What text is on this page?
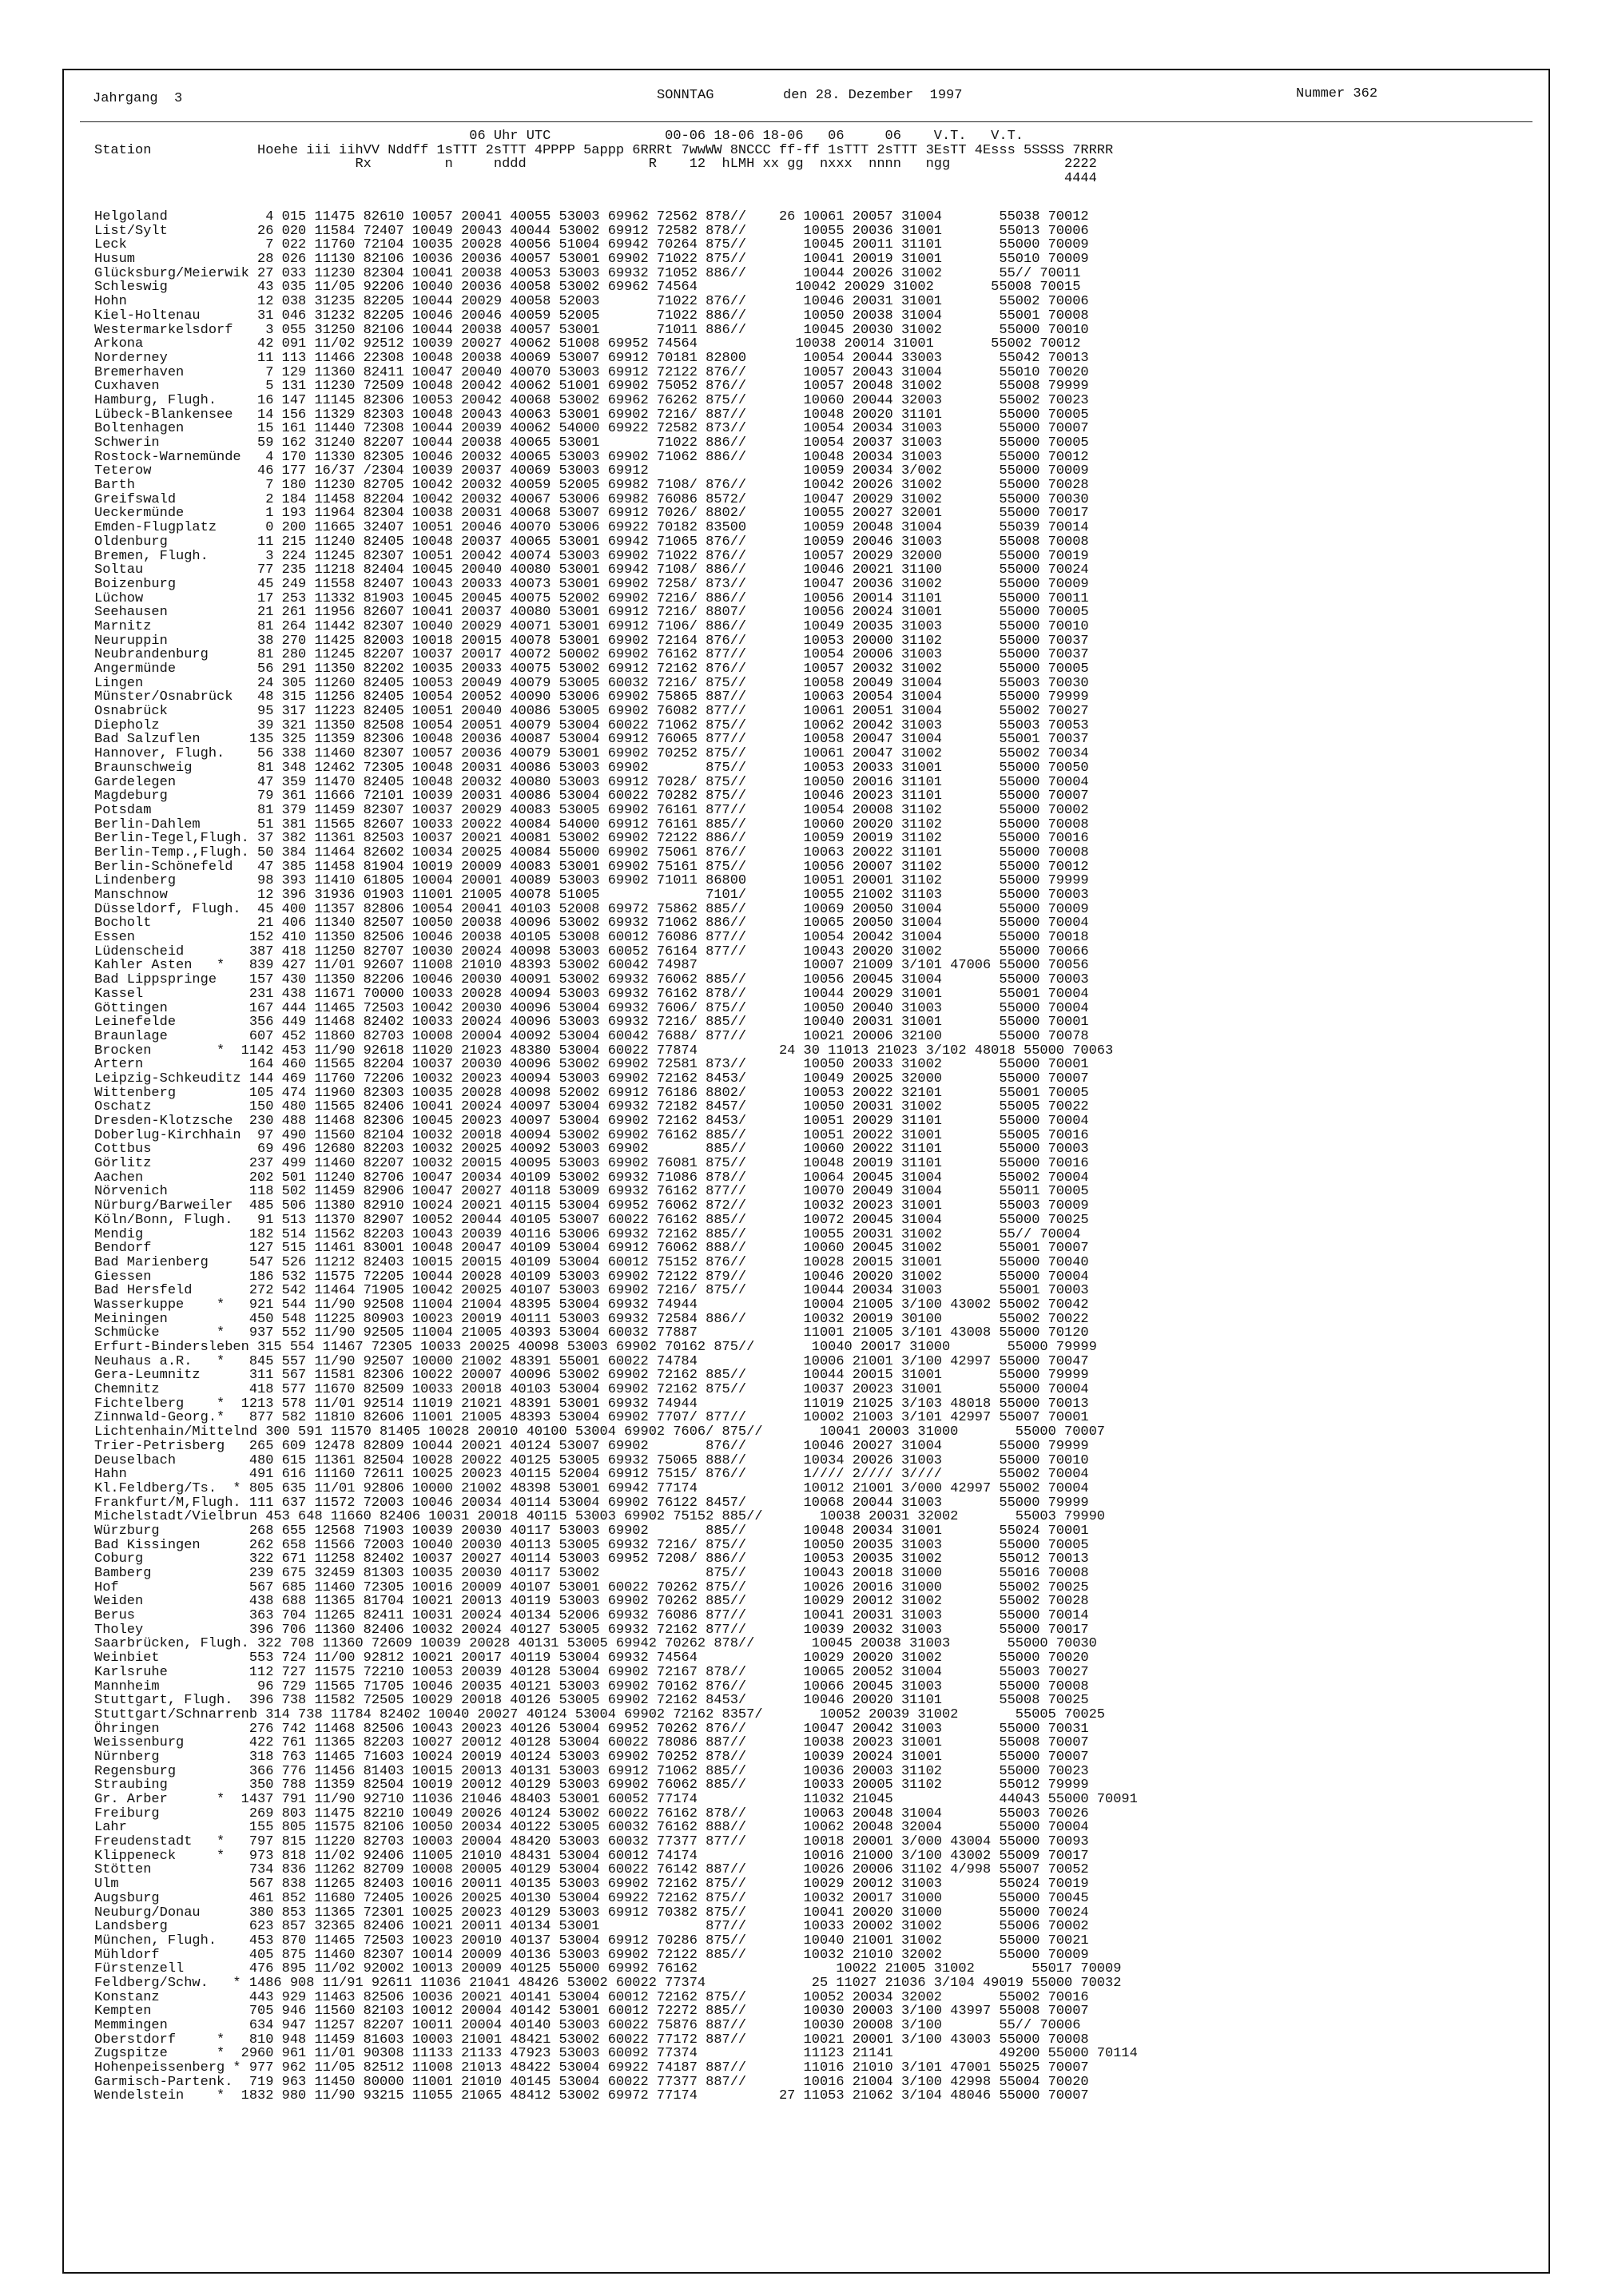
Jahrgang  3	SONNTAG	den 28. Dezember  1997	Nummer 362
06 Uhr UTC              00-06 18-06 18-06   06     06    V.T.   V.T.
Station             Hoehe iii iihVV Nddff 1sTTT 2sTTT 4PPPP 5appp 6RRRt 7wwWW 8NCCC ff-ff 1sTTT 2sTTT 3EsTT 4Esss 5SSSS 7RRRR
Rx         n     nddd               R    12  hLMH xx gg  nxxx  nnnn   ngg              2222
4444
Helgoland            4 015 11475 82610 10057 20041 40055 53003 69962 72562 878//    26 10061 20057 31004       55038 70012
List/Sylt           26 020 11584 72407 10049 20043 40044 53002 69912 72582 878//       10055 20036 31001       55013 70006
Leck                 7 022 11760 72104 10035 20028 40056 51004 69942 70264 875//       10045 20011 31101       55000 70009
Husum               28 026 11130 82106 10036 20036 40057 53001 69902 71022 875//       10041 20019 31001       55010 70009
Glücksburg/Meierwik 27 033 11230 82304 10041 20038 40053 53003 69932 71052 886//       10044 20026 31002       55// 70011
Schleswig           43 035 11/05 92206 10040 20036 40058 53002 69962 74564            10042 20029 31002       55008 70015
Hohn                12 038 31235 82205 10044 20029 40058 52003       71022 876//       10046 20031 31001       55002 70006
Kiel-Holtenau       31 046 31232 82205 10046 20046 40059 52005       71022 886//       10050 20038 31004       55001 70008
Westermarkelsdorf    3 055 31250 82106 10044 20038 40057 53001       71011 886//       10045 20030 31002       55000 70010
Arkona              42 091 11/02 92512 10039 20027 40062 51008 69952 74564            10038 20014 31001       55002 70012
Norderney           11 113 11466 22308 10048 20038 40069 53007 69912 70181 82800       10054 20044 33003       55042 70013
Bremerhaven          7 129 11360 82411 10047 20040 40070 53003 69912 72122 876//       10057 20043 31004       55010 70020
Cuxhaven             5 131 11230 72509 10048 20042 40062 51001 69902 75052 876//       10057 20048 31002       55008 79999
Hamburg, Flugh.     16 147 11145 82306 10053 20042 40068 53002 69962 76262 875//       10060 20044 32003       55002 70023
Lübeck-Blankensee   14 156 11329 82303 10048 20043 40063 53001 69902 7216/ 887//       10048 20020 31101       55000 70005
Boltenhagen         15 161 11440 72308 10044 20039 40062 54000 69922 72582 873//       10054 20034 31003       55000 70007
Schwerin            59 162 31240 82207 10044 20038 40065 53001       71022 886//       10054 20037 31003       55000 70005
Rostock-Warnemünde   4 170 11330 82305 10046 20032 40065 53003 69902 71062 886//       10048 20034 31003       55000 70012
Teterow             46 177 16/37 /2304 10039 20037 40069 53003 69912                   10059 20034 3/002       55000 70009
Barth                7 180 11230 82705 10042 20032 40059 52005 69982 7108/ 876//       10042 20026 31002       55000 70028
Greifswald           2 184 11458 82204 10042 20032 40067 53006 69982 76086 8572/       10047 20029 31002       55000 70030
Ueckermünde          1 193 11964 82304 10038 20031 40068 53007 69912 7026/ 8802/       10055 20027 32001       55000 70017
Emden-Flugplatz      0 200 11665 32407 10051 20046 40070 53006 69922 70182 83500       10059 20048 31004       55039 70014
Oldenburg           11 215 11240 82405 10048 20037 40065 53001 69942 71065 876//       10059 20046 31003       55008 70008
Bremen, Flugh.       3 224 11245 82307 10051 20042 40074 53003 69902 71022 876//       10057 20029 32000       55000 70019
Soltau              77 235 11218 82404 10045 20040 40080 53001 69942 7108/ 886//       10046 20021 31100       55000 70024
Boizenburg          45 249 11558 82407 10043 20033 40073 53001 69902 7258/ 873//       10047 20036 31002       55000 70009
Lüchow              17 253 11332 81903 10045 20045 40075 52002 69902 7216/ 886//       10056 20014 31101       55000 70011
Seehausen           21 261 11956 82607 10041 20037 40080 53001 69912 7216/ 8807/       10056 20024 31001       55000 70005
Marnitz             81 264 11442 82307 10040 20029 40071 53001 69912 7106/ 886//       10049 20035 31003       55000 70010
Neuruppin           38 270 11425 82003 10018 20015 40078 53001 69902 72164 876//       10053 20000 31102       55000 70037
Neubrandenburg      81 280 11245 82207 10037 20017 40072 50002 69902 76162 877//       10054 20006 31003       55000 70037
Angermünde          56 291 11350 82202 10035 20033 40075 53002 69912 72162 876//       10057 20032 31002       55000 70005
Lingen              24 305 11260 82405 10053 20049 40079 53005 60032 7216/ 875//       10058 20049 31004       55003 70030
Münster/Osnabrück   48 315 11256 82405 10054 20052 40090 53006 69902 75865 887//       10063 20054 31004       55000 79999
Osnabrück           95 317 11223 82405 10051 20040 40086 53005 69902 76082 877//       10061 20051 31004       55002 70027
Diepholz            39 321 11350 82508 10054 20051 40079 53004 60022 71062 875//       10062 20042 31003       55003 70053
Bad Salzuflen      135 325 11359 82306 10048 20036 40087 53004 69912 76065 877//       10058 20047 31004       55001 70037
Hannover, Flugh.    56 338 11460 82307 10057 20036 40079 53001 69902 70252 875//       10061 20047 31002       55002 70034
Braunschweig        81 348 12462 72305 10048 20031 40086 53003 69902       875//       10053 20033 31001       55000 70050
Gardelegen          47 359 11470 82405 10048 20032 40080 53003 69912 7028/ 875//       10050 20016 31101       55000 70004
Magdeburg           79 361 11666 72101 10039 20031 40086 53004 60022 70282 875//       10046 20023 31101       55000 70007
Potsdam             81 379 11459 82307 10037 20029 40083 53005 69902 76161 877//       10054 20008 31102       55000 70002
Berlin-Dahlem       51 381 11565 82607 10033 20022 40084 54000 69912 76161 885//       10060 20020 31102       55000 70008
Berlin-Tegel,Flugh. 37 382 11361 82503 10037 20021 40081 53002 69902 72122 886//       10059 20019 31102       55000 70016
Berlin-Temp.,Flugh. 50 384 11464 82602 10034 20025 40084 55000 69902 75061 876//       10063 20022 31101       55000 70008
Berlin-Schönefeld   47 385 11458 81904 10019 20009 40083 53001 69902 75161 875//       10056 20007 31102       55000 70012
Lindenberg          98 393 11410 61805 10004 20001 40089 53003 69902 71011 86800       10051 20001 31102       55000 79999
Manschnow           12 396 31936 01903 11001 21005 40078 51005             7101/       10055 21002 31103       55000 70003
Düsseldorf, Flugh.  45 400 11357 82806 10054 20041 40103 52008 69972 75862 885//       10069 20050 31004       55000 70009
Bocholt             21 406 11340 82507 10050 20038 40096 53002 69932 71062 886//       10065 20050 31004       55000 70004
Essen              152 410 11350 82506 10046 20038 40105 53008 60012 76086 877//       10054 20042 31004       55000 70018
Lüdenscheid        387 418 11250 82707 10030 20024 40098 53003 60052 76164 877//       10043 20020 31002       55000 70066
Kahler Asten   *   839 427 11/01 92607 11008 21010 48393 53002 60042 74987             10007 21009 3/101 47006 55000 70056
Bad Lippspringe    157 430 11350 82206 10046 20030 40091 53002 69932 76062 885//       10056 20045 31004       55000 70003
Kassel             231 438 11671 70000 10033 20028 40094 53003 69932 76162 878//       10044 20029 31001       55001 70004
Göttingen          167 444 11465 72503 10042 20030 40096 53004 69932 7606/ 875//       10050 20040 31003       55000 70004
Leinefelde         356 449 11468 82402 10033 20024 40096 53003 69932 7216/ 885//       10040 20031 31001       55000 70001
Braunlage          607 452 11860 82703 10008 20004 40092 53004 60042 7688/ 877//       10021 20006 32100       55000 70078
Brocken        *  1142 453 11/90 92618 11020 21023 48380 53004 60022 77874          24 30 11013 21023 3/102 48018 55000 70063
Artern             164 460 11565 82204 10037 20030 40096 53002 69902 72581 873//       10050 20033 31002       55000 70001
Leipzig-Schkeuditz 144 469 11760 72206 10032 20023 40094 53003 69902 72162 8453/       10049 20025 32000       55000 70007
Wittenberg         105 474 11960 82303 10035 20028 40098 52002 69912 76186 8802/       10053 20022 32101       55001 70005
Oschatz            150 480 11565 82406 10041 20024 40097 53004 69932 72182 8457/       10050 20031 31002       55005 70022
Dresden-Klotzsche  230 488 11468 82306 10045 20023 40097 53004 69902 72162 8453/       10051 20029 31101       55000 70004
Doberlug-Kirchhain  97 490 11560 82104 10032 20018 40094 53002 69902 76162 885//       10051 20022 31001       55005 70016
Cottbus             69 496 12680 82203 10032 20025 40092 53003 69902       885//       10060 20022 31101       55000 70003
Görlitz            237 499 11460 82207 10032 20015 40095 53003 69902 76081 875//       10048 20019 31101       55000 70016
Aachen             202 501 11240 82706 10047 20034 40109 53002 69932 71086 878//       10064 20045 31004       55002 70004
Nörvenich          118 502 11459 82906 10047 20027 40118 53009 69932 76162 877//       10070 20049 31004       55011 70005
Nürburg/Barweiler  485 506 11380 82910 10024 20021 40115 53004 69952 76062 872//       10032 20023 31001       55003 70009
Köln/Bonn, Flugh.   91 513 11370 82907 10052 20044 40105 53007 60022 76162 885//       10072 20045 31004       55000 70025
Mendig             182 514 11562 82203 10043 20039 40116 53006 69932 72162 885//       10055 20031 31002       55// 70004
Bendorf            127 515 11461 83001 10048 20047 40109 53004 69912 76062 888//       10060 20045 31002       55001 70007
Bad Marienberg     547 526 11212 82403 10015 20015 40109 53004 60012 75152 876//       10028 20015 31001       55000 70040
Giessen            186 532 11575 72205 10044 20028 40109 53003 69902 72122 879//       10046 20020 31002       55000 70004
Bad Hersfeld       272 542 11464 71905 10042 20025 40107 53003 69902 7216/ 875//       10044 20034 31003       55001 70003
Wasserkuppe    *   921 544 11/90 92508 11004 21004 48395 53004 69932 74944             10004 21005 3/100 43002 55002 70042
Meiningen          450 548 11225 80903 10023 20019 40111 53003 69932 72584 886//       10032 20019 30100       55002 70022
Schmücke       *   937 552 11/90 92505 11004 21005 40393 53004 60032 77887             11001 21005 3/101 43008 55000 70120
Erfurt-Bindersleben 315 554 11467 72305 10033 20025 40098 53003 69902 70162 875//       10040 20017 31000       55000 79999
Neuhaus a.R.   *   845 557 11/90 92507 10000 21002 48391 55001 60022 74784             10006 21001 3/100 42997 55000 70047
Gera-Leumnitz      311 567 11581 82306 10022 20007 40096 53002 69902 72162 885//       10044 20015 31001       55000 79999
Chemnitz           418 577 11670 82509 10033 20018 40103 53004 69902 72162 875//       10037 20023 31001       55000 70004
Fichtelberg    *  1213 578 11/01 92514 11019 21021 48391 53001 69932 74944             11019 21025 3/103 48018 55000 70013
Zinnwald-Georg.*   877 582 11810 82606 11001 21005 48393 53004 69902 7707/ 877//       10002 21003 3/101 42997 55007 70001
Lichtenhain/Mittelnd 300 591 11570 81405 10028 20010 40100 53004 69902 7606/ 875//       10041 20003 31000       55000 70007
Trier-Petrisberg   265 609 12478 82809 10044 20021 40124 53007 69902       876//       10046 20027 31004       55000 79999
Deuselbach         480 615 11361 82504 10028 20022 40125 53005 69932 75065 888//       10034 20026 31003       55000 70010
Hahn               491 616 11160 72611 10025 20023 40115 52004 69912 7515/ 876//       1//// 2//// 3////       55002 70004
Kl.Feldberg/Ts.  * 805 635 11/01 92806 10000 21002 48398 53001 69942 77174             10012 21001 3/000 42997 55002 70004
Frankfurt/M,Flugh. 111 637 11572 72003 10046 20034 40114 53004 69902 76122 8457/       10068 20044 31003       55000 79999
Michelstadt/Vielbrun 453 648 11660 82406 10031 20018 40115 53003 69902 75152 885//       10038 20031 32002       55003 79990
Würzburg           268 655 12568 71903 10039 20030 40117 53003 69902       885//       10048 20034 31001       55024 70001
Bad Kissingen      262 658 11566 72003 10040 20030 40113 53005 69932 7216/ 875//       10050 20035 31003       55000 70005
Coburg             322 671 11258 82402 10037 20027 40114 53003 69952 7208/ 886//       10053 20035 31002       55012 70013
Bamberg            239 675 32459 81303 10035 20030 40117 53002             875//       10043 20018 31000       55016 70008
Hof                567 685 11460 72305 10016 20009 40107 53001 60022 70262 875//       10026 20016 31000       55002 70025
Weiden             438 688 11365 81704 10021 20013 40119 53003 69902 70262 885//       10029 20012 31002       55002 70028
Berus              363 704 11265 82411 10031 20024 40134 52006 69932 76086 877//       10041 20031 31003       55000 70014
Tholey             396 706 11360 82406 10032 20024 40127 53005 69932 72162 877//       10039 20032 31003       55000 70017
Saarbrücken, Flugh. 322 708 11360 72609 10039 20028 40131 53005 69942 70262 878//       10045 20038 31003       55000 70030
Weinbiet           553 724 11/00 92812 10021 20017 40119 53004 69932 74564             10029 20020 31002       55000 70020
Karlsruhe          112 727 11575 72210 10053 20039 40128 53004 69902 72167 878//       10065 20052 31004       55003 70027
Mannheim            96 729 11565 71705 10046 20035 40121 53003 69902 70162 876//       10066 20045 31003       55000 70008
Stuttgart, Flugh.  396 738 11582 72505 10029 20018 40126 53005 69902 72162 8453/       10046 20020 31101       55008 70025
Stuttgart/Schnarrenb 314 738 11784 82402 10040 20027 40124 53004 69902 72162 8357/       10052 20039 31002       55005 70025
Öhringen           276 742 11468 82506 10043 20023 40126 53004 69952 70262 876//       10047 20042 31003       55000 70031
Weissenburg        422 761 11365 82203 10027 20012 40128 53004 60022 78086 887//       10038 20023 31001       55008 70007
Nürnberg           318 763 11465 71603 10024 20019 40124 53003 69902 70252 878//       10039 20024 31001       55000 70007
Regensburg         366 776 11456 81403 10015 20013 40131 53003 69912 71062 885//       10036 20003 31102       55000 70023
Straubing          350 788 11359 82504 10019 20012 40129 53003 69902 76062 885//       10033 20005 31102       55012 79999
Gr. Arber      *  1437 791 11/90 92710 11036 21046 48403 53001 60052 77174             11032 21045             44043 55000 70091
Freiburg           269 803 11475 82210 10049 20026 40124 53002 60022 76162 878//       10063 20048 31004       55003 70026
Lahr               155 805 11575 82106 10050 20034 40122 53005 60032 76162 888//       10062 20048 32004       55000 70004
Freudenstadt   *   797 815 11220 82703 10003 20004 48420 53003 60032 77377 877//       10018 20001 3/000 43004 55000 70093
Klippeneck     *   973 818 11/02 92406 11005 21010 48431 53004 60012 74174             10016 21000 3/100 43002 55009 70017
Stötten            734 836 11262 82709 10008 20005 40129 53004 60022 76142 887//       10026 20006 31102 4/998 55007 70052
Ulm                567 838 11265 82403 10016 20011 40135 53003 69902 72162 875//       10029 20012 31003       55024 70019
Augsburg           461 852 11680 72405 10026 20025 40130 53004 69922 72162 875//       10032 20017 31000       55000 70045
Neuburg/Donau      380 853 11365 72301 10025 20023 40129 53003 69912 70382 875//       10041 20020 31000       55000 70024
Landsberg          623 857 32365 82406 10021 20011 40134 53001             877//       10033 20002 31002       55006 70002
München, Flugh.    453 870 11465 72503 10023 20010 40137 53004 69912 70286 875//       10040 21001 31002       55000 70021
Mühldorf           405 875 11460 82307 10014 20009 40136 53003 69902 72122 885//       10032 21010 32002       55000 70009
Fürstenzell        476 895 11/02 92002 10013 20009 40125 55000 69992 76162                 10022 21005 31002       55017 70009
Feldberg/Schw.   * 1486 908 11/91 92611 11036 21041 48426 53002 60022 77374             25 11027 21036 3/104 49019 55000 70032
Konstanz           443 929 11463 82506 10036 20021 40141 53004 60012 72162 875//       10052 20034 32002       55002 70016
Kempten            705 946 11560 82103 10012 20004 40142 53001 60012 72272 885//       10030 20003 3/100 43997 55008 70007
Memmingen          634 947 11257 82207 10011 20004 40140 53003 60022 75876 887//       10030 20008 3/100       55// 70006
Oberstdorf     *   810 948 11459 81603 10003 21001 48421 53002 60022 77172 887//       10021 20001 3/100 43003 55000 70008
Zugspitze      *  2960 961 11/01 90308 11133 21133 47923 53003 60092 77374             11123 21141             49200 55000 70114
Hohenpeissenberg * 977 962 11/05 82512 11008 21013 48422 53004 69922 74187 887//       11016 21010 3/101 47001 55025 70007
Garmisch-Partenk.  719 963 11450 80000 11001 21010 40145 53004 60022 77377 887//       10016 21004 3/100 42998 55004 70020
Wendelstein    *  1832 980 11/90 93215 11055 21065 48412 53002 69972 77174          27 11053 21062 3/104 48046 55000 70007
